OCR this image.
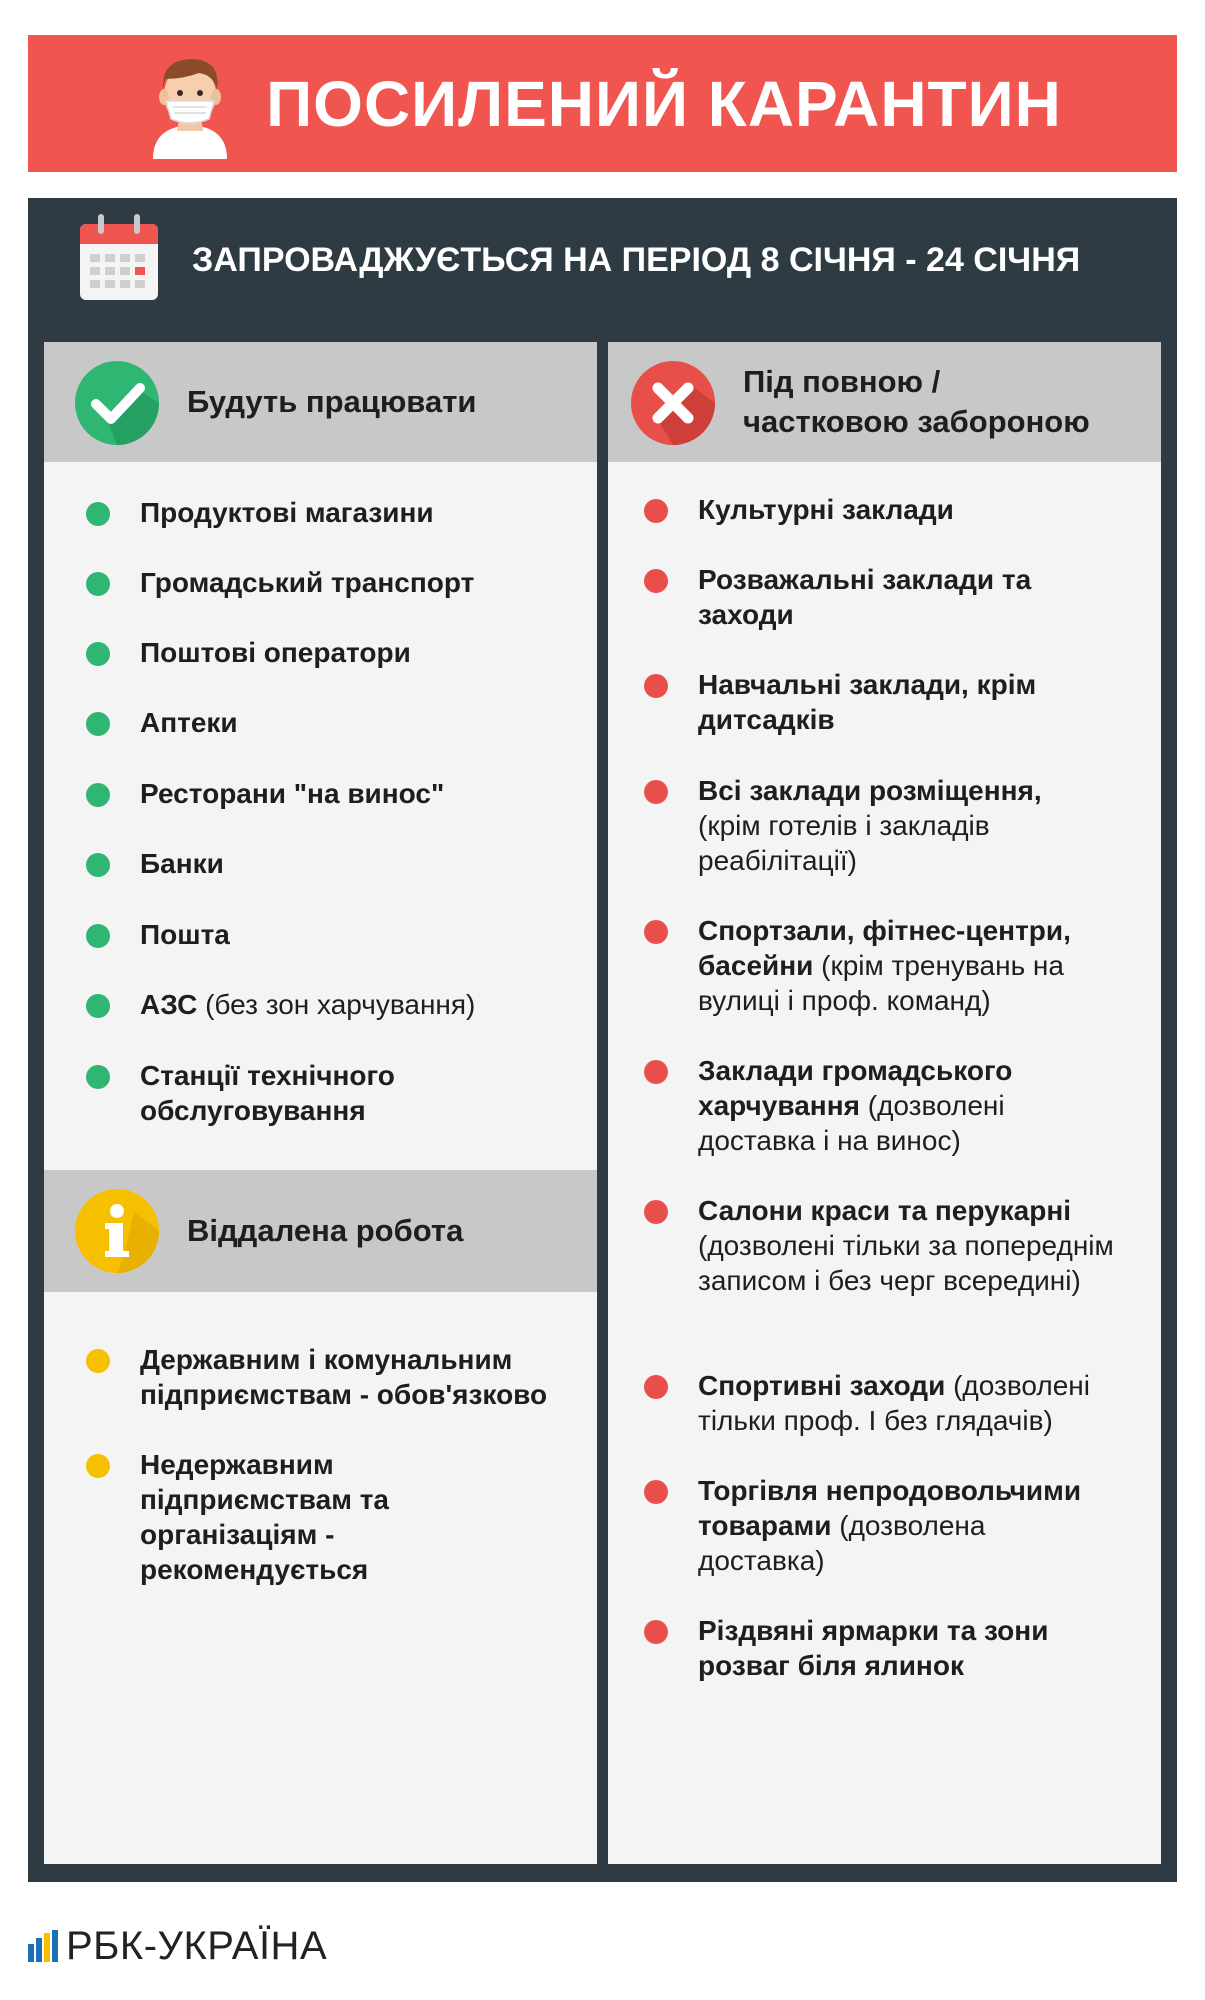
ПОСИЛЕНИЙ КАРАНТИН
ЗАПРОВАДЖУЄТЬСЯ НА ПЕРІОД 8 СІЧНЯ - 24 СІЧНЯ
Будуть працювати
Продуктові магазини
Громадський транспорт
Поштові оператори
Аптеки
Ресторани "на винос"
Банки
Пошта
АЗС (без зон харчування)
Станції технічного обслуговування
Віддалена робота
Державним і комунальним підприємствам - обов'язково
Недержавним підприємствам та організаціям - рекомендується
Під повною /
частковою забороною
Культурні заклади
Розважальні заклади та заходи
Навчальні заклади, крім дитсадків
Всі заклади розміщення, (крім готелів і закладів реабілітації)
Спортзали, фітнес-центри, басейни (крім тренувань на вулиці і проф. команд)
Заклади громадського харчування (дозволені доставка і на винос)
Салони краси та перукарні (дозволені тільки за попереднім записом і без черг всередині)
Спортивні заходи (дозволені тільки проф. І без глядачів)
Торгівля непродовольчими товарами (дозволена доставка)
Різдвяні ярмарки та зони розваг біля ялинок
РБК-УКРАЇНА
